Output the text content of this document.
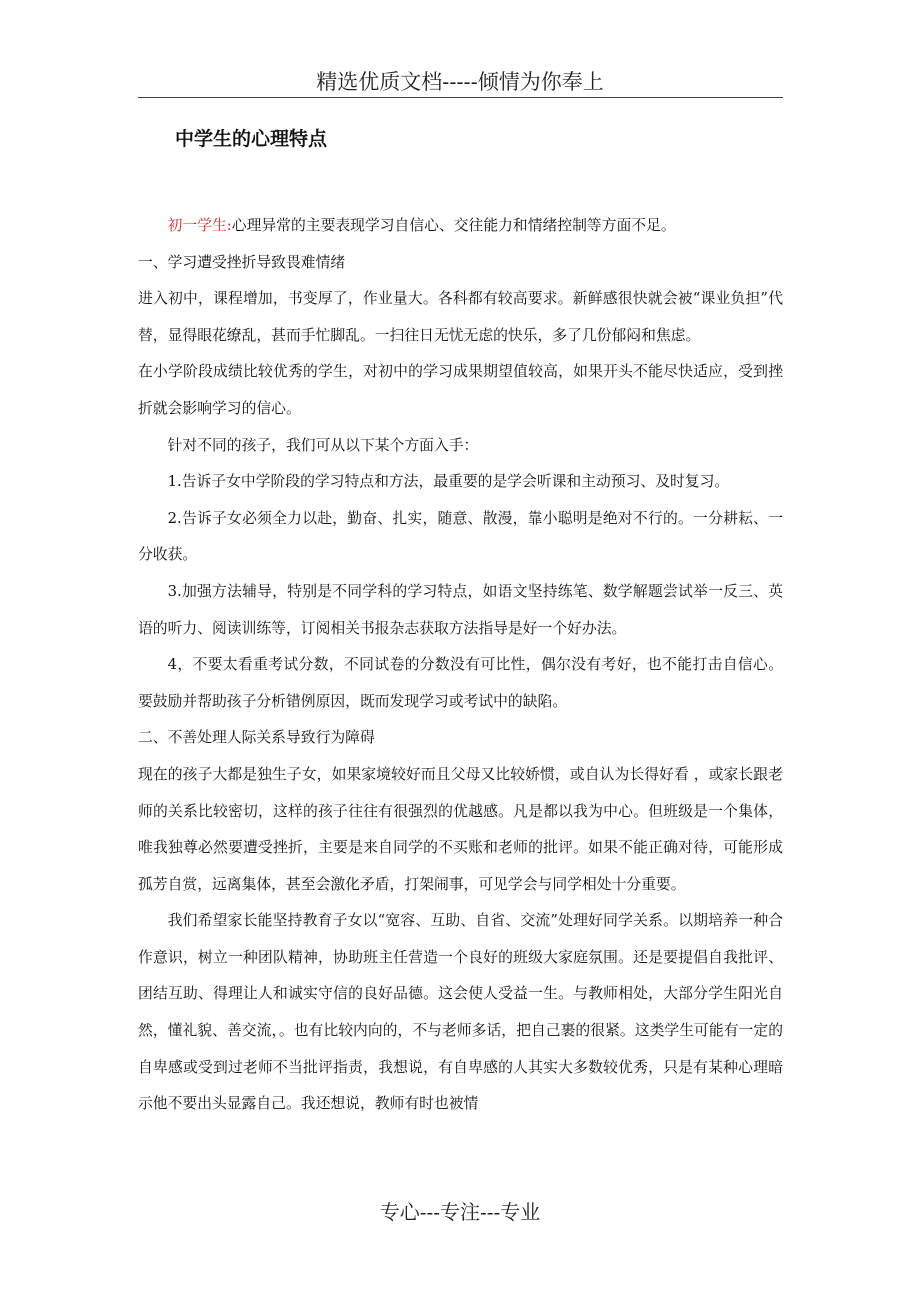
精选优质文档-----倾情为你奉上
中学生的心理特点

初一学生:心理异常的主要表现学习自信心、交往能力和情绪控制等方面不足。

一、学习遭受挫折导致畏难情绪

进入初中，课程增加，书变厚了，作业量大。各科都有较高要求。新鲜感很快就会被“课业负担”代替，显得眼花缭乱，甚而手忙脚乱。一扫往日无忧无虑的快乐，多了几份郁闷和焦虑。

在小学阶段成绩比较优秀的学生，对初中的学习成果期望值较高，如果开头不能尽快适应，受到挫折就会影响学习的信心。

针对不同的孩子，我们可从以下某个方面入手：

1.告诉子女中学阶段的学习特点和方法，最重要的是学会听课和主动预习、及时复习。

2.告诉子女必须全力以赴，勤奋、扎实，随意、散漫，靠小聪明是绝对不行的。一分耕耘、一分收获。

3.加强方法辅导，特别是不同学科的学习特点，如语文坚持练笔、数学解题尝试举一反三、英语的听力、阅读训练等，订阅相关书报杂志获取方法指导是好一个好办法。

4，不要太看重考试分数，不同试卷的分数没有可比性，偶尔没有考好，也不能打击自信心。要鼓励并帮助孩子分析错例原因，既而发现学习或考试中的缺陷。

二、不善处理人际关系导致行为障碍

现在的孩子大都是独生子女，如果家境较好而且父母又比较娇惯，或自认为长得好看 ，或家长跟老师的关系比较密切，这样的孩子往往有很强烈的优越感。凡是都以我为中心。但班级是一个集体，唯我独尊必然要遭受挫折，主要是来自同学的不买账和老师的批评。如果不能正确对待，可能形成孤芳自赏，远离集体，甚至会激化矛盾，打架闹事，可见学会与同学相处十分重要。

我们希望家长能坚持教育子女以“宽容、互助、自省、交流”处理好同学关系。以期培养一种合作意识，树立一种团队精神，协助班主任营造一个良好的班级大家庭氛围。还是要提倡自我批评、团结互助、得理让人和诚实守信的良好品德。这会使人受益一生。与教师相处，大部分学生阳光自然，懂礼貌、善交流，。也有比较内向的，不与老师多话，把自己裹的很紧。这类学生可能有一定的自卑感或受到过老师不当批评指责，我想说，有自卑感的人其实大多数较优秀，只是有某种心理暗示他不要出头显露自己。我还想说，教师有时也被情

专心---专注---专业
